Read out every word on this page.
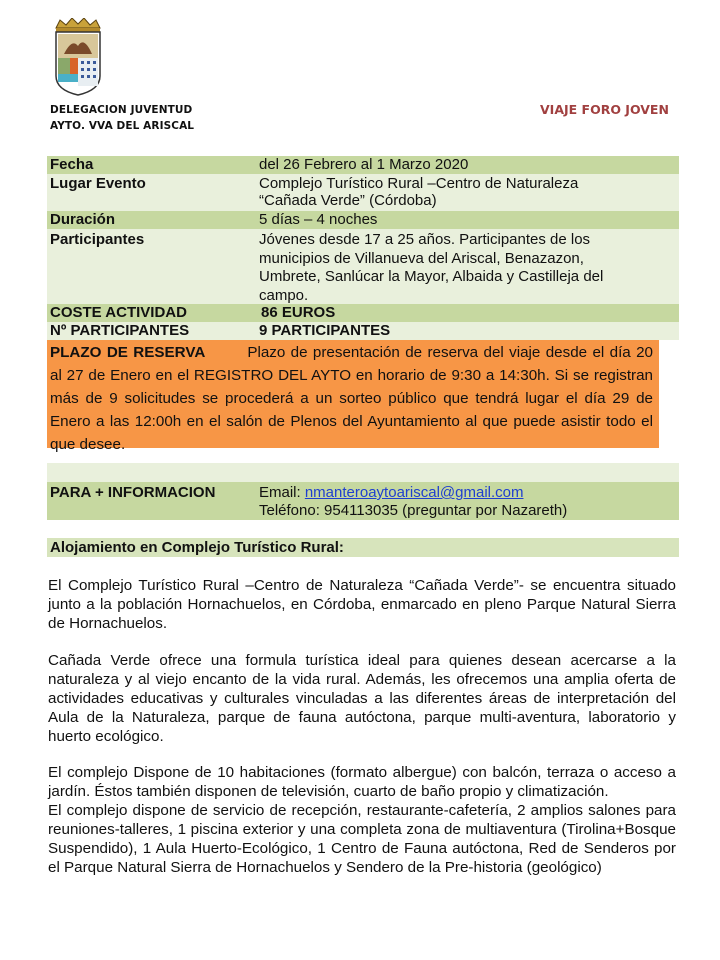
DELEGACION JUVENTUD
AYTO. VVA DEL ARISCAL
VIAJE FORO JOVEN
Fecha	del 26 Febrero al 1 Marzo 2020
Lugar Evento	Complejo Turístico Rural –Centro de Naturaleza
“Cañada Verde” (Córdoba)
Duración	5 días – 4 noches
Participantes	Jóvenes desde 17 a 25 años. Participantes de los
municipios de Villanueva del Ariscal, Benazazon,
Umbrete, Sanlúcar la Mayor, Albaida y Castilleja del
campo.
COSTE ACTIVIDAD	86 EUROS
Nº PARTICIPANTES	9 PARTICIPANTES
PLAZO DE RESERVA	Plazo de presentación de reserva del viaje desde el día 20 al 27 de Enero en el REGISTRO DEL AYTO en horario de 9:30 a 14:30h. Si se registran más de 9 solicitudes se procederá a un sorteo público que tendrá lugar el día 29 de Enero a las 12:00h en el salón de Plenos del Ayuntamiento al que puede asistir todo el que desee.
PARA + INFORMACION	Email: nmanteroaytoariscal@gmail.com
Teléfono: 954113035 (preguntar por Nazareth)
Alojamiento en Complejo Turístico Rural:
El Complejo Turístico Rural –Centro de Naturaleza “Cañada Verde”- se encuentra situado junto a la población Hornachuelos, en Córdoba, enmarcado en pleno Parque Natural Sierra de Hornachuelos.
Cañada Verde ofrece una formula turística ideal para quienes desean acercarse a la naturaleza y al viejo encanto de la vida rural. Además, les ofrecemos una amplia oferta de actividades educativas y culturales vinculadas a las diferentes áreas de interpretación del Aula de la Naturaleza, parque de fauna autóctona, parque multi-aventura, laboratorio y huerto ecológico.
El complejo Dispone de 10 habitaciones (formato albergue) con balcón, terraza o acceso a jardín. Éstos también disponen de televisión, cuarto de baño propio y climatización.
El complejo dispone de servicio de recepción, restaurante-cafetería, 2 amplios salones para reuniones-talleres, 1 piscina exterior y una completa zona de multiaventura (Tirolina+Bosque Suspendido), 1 Aula Huerto-Ecológico, 1 Centro de Fauna autóctona, Red de Senderos por el Parque Natural Sierra de Hornachuelos y Sendero de la Pre-historia (geológico)
